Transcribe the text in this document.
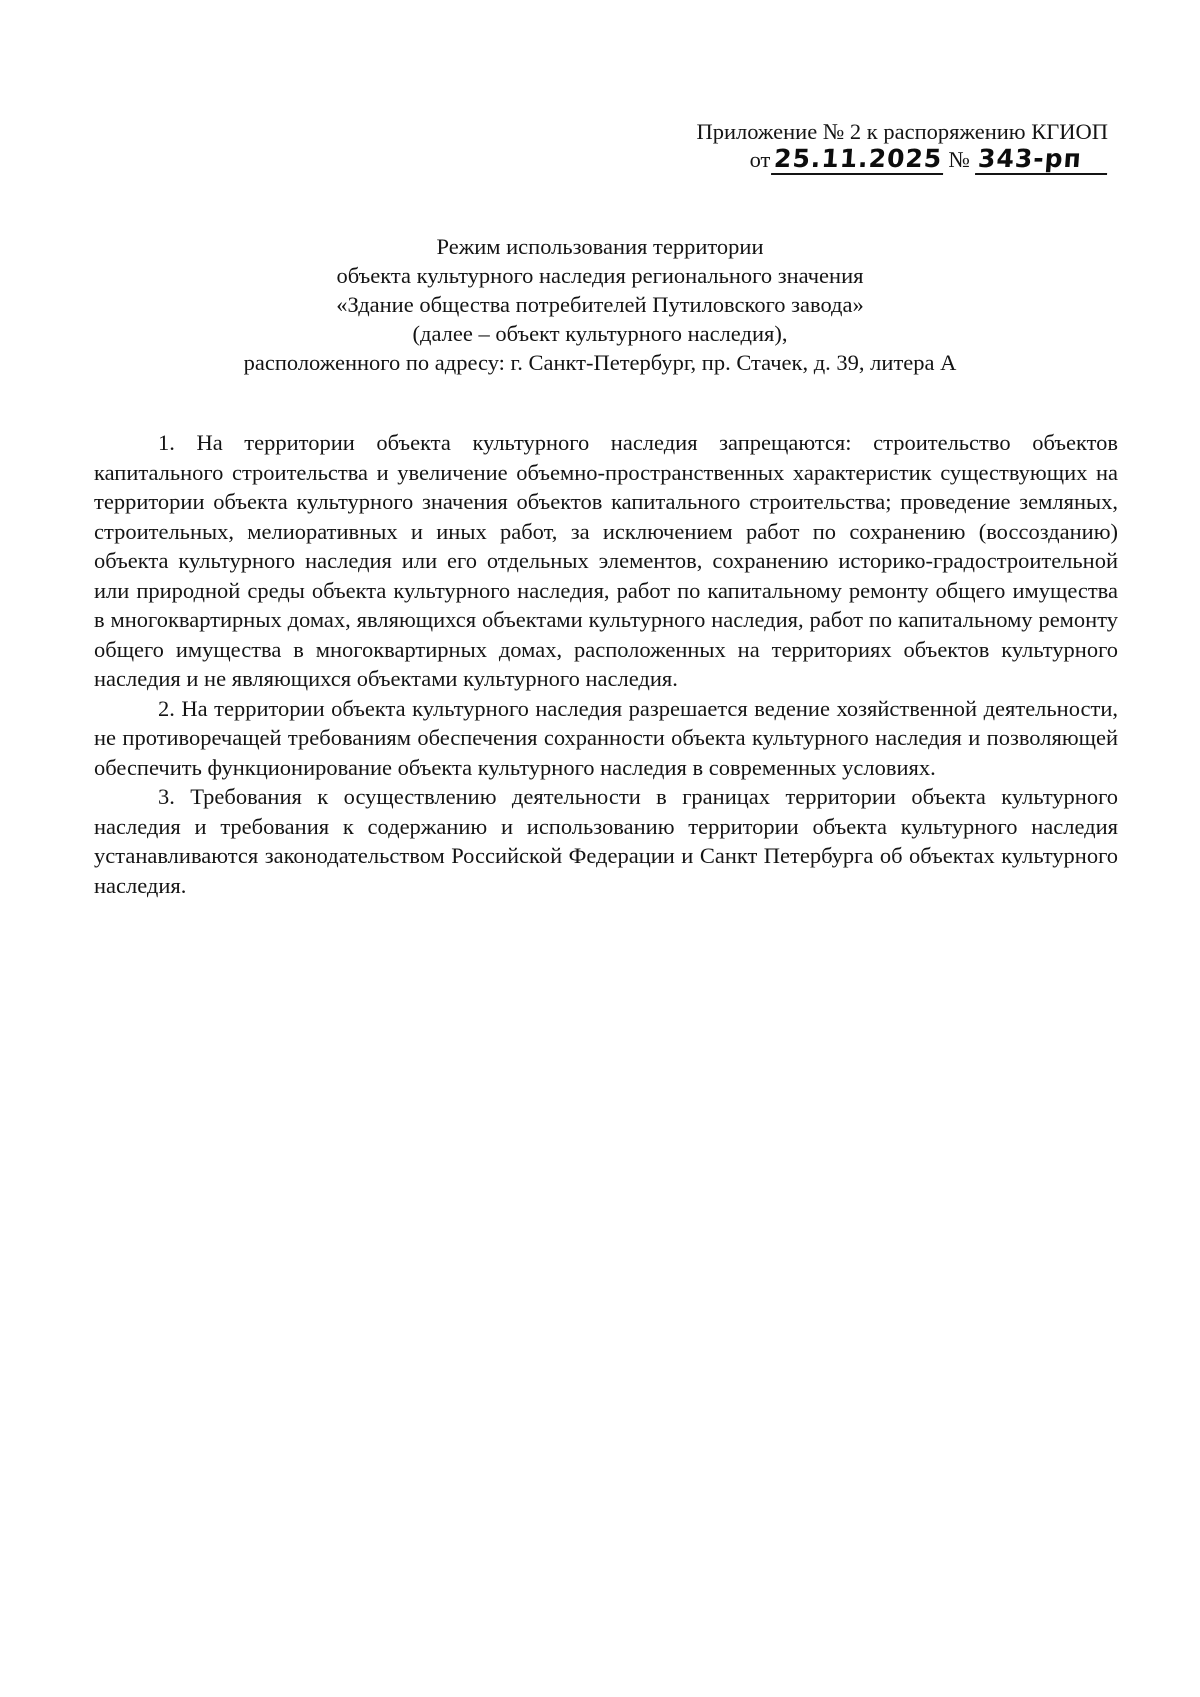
Приложение № 2 к распоряжению КГИОП
от 25.11.2025 № 343-рп
Режим использования территории
объекта культурного наследия регионального значения
«Здание общества потребителей Путиловского завода»
(далее – объект культурного наследия),
расположенного по адресу: г. Санкт-Петербург, пр. Стачек, д. 39, литера А

1. На территории объекта культурного наследия запрещаются: строительство объектов капитального строительства и увеличение объемно-пространственных характеристик существующих на территории объекта культурного значения объектов капитального строительства; проведение земляных, строительных, мелиоративных и иных работ, за исключением работ по сохранению (воссозданию) объекта культурного наследия или его отдельных элементов, сохранению историко-градостроительной или природной среды объекта культурного наследия, работ по капитальному ремонту общего имущества в многоквартирных домах, являющихся объектами культурного наследия, работ по капитальному ремонту общего имущества в многоквартирных домах, расположенных на территориях объектов культурного наследия и не являющихся объектами культурного наследия.

2. На территории объекта культурного наследия разрешается ведение хозяйственной деятельности, не противоречащей требованиям обеспечения сохранности объекта культурного наследия и позволяющей обеспечить функционирование объекта культурного наследия в современных условиях.

3. Требования к осуществлению деятельности в границах территории объекта культурного наследия и требования к содержанию и использованию территории объекта культурного наследия устанавливаются законодательством Российской Федерации и Санкт Петербурга об объектах культурного наследия.
